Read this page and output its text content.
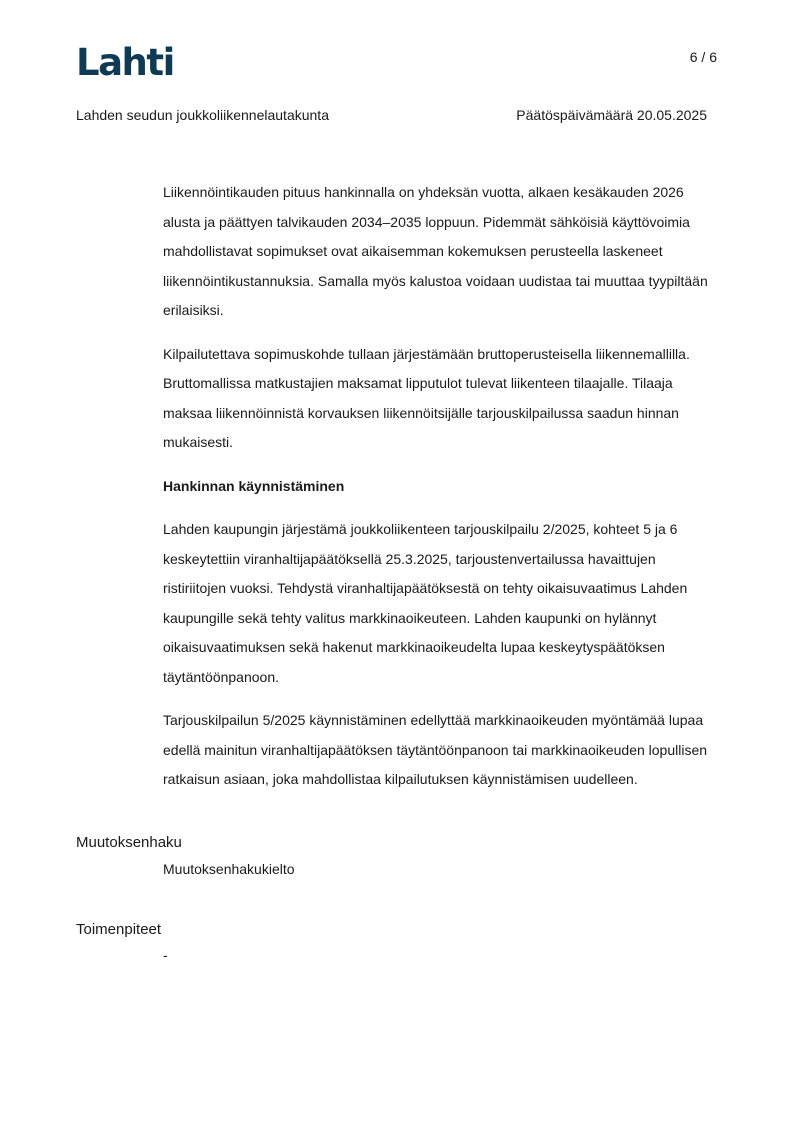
Lahti	6 / 6
Lahden seudun joukkoliikennelautakunta	Päätöspäivämäärä 20.05.2025

Liikennöintikauden pituus hankinnalla on yhdeksän vuotta, alkaen kesäkauden 2026 alusta ja päättyen talvikauden 2034–2035 loppuun. Pidemmät sähköisiä käyttövoimia mahdollistavat sopimukset ovat aikaisemman kokemuksen perusteella laskeneet liikennöintikustannuksia. Samalla myös kalustoa voidaan uudistaa tai muuttaa tyypiltään erilaisiksi.

Kilpailutettava sopimuskohde tullaan järjestämään bruttoperusteisella liikennemallilla. Bruttomallissa matkustajien maksamat lipputulot tulevat liikenteen tilaajalle. Tilaaja maksaa liikennöinnistä korvauksen liikennöitsijälle tarjouskilpailussa saadun hinnan mukaisesti.

Hankinnan käynnistäminen

Lahden kaupungin järjestämä joukkoliikenteen tarjouskilpailu 2/2025, kohteet 5 ja 6 keskeytettiin viranhaltijapäätöksellä 25.3.2025, tarjoustenvertailussa havaittujen ristiriitojen vuoksi. Tehdystä viranhaltijapäätöksestä on tehty oikaisuvaatimus Lahden kaupungille sekä tehty valitus markkinaoikeuteen. Lahden kaupunki on hylännyt oikaisuvaatimuksen sekä hakenut markkinaoikeudelta lupaa keskeytyspäätöksen täytäntöönpanoon.

Tarjouskilpailun 5/2025 käynnistäminen edellyttää markkinaoikeuden myöntämää lupaa edellä mainitun viranhaltijapäätöksen täytäntöönpanoon tai markkinaoikeuden lopullisen ratkaisun asiaan, joka mahdollistaa kilpailutuksen käynnistämisen uudelleen.

Muutoksenhaku
Muutoksenhakukielto
Toimenpiteet
-
